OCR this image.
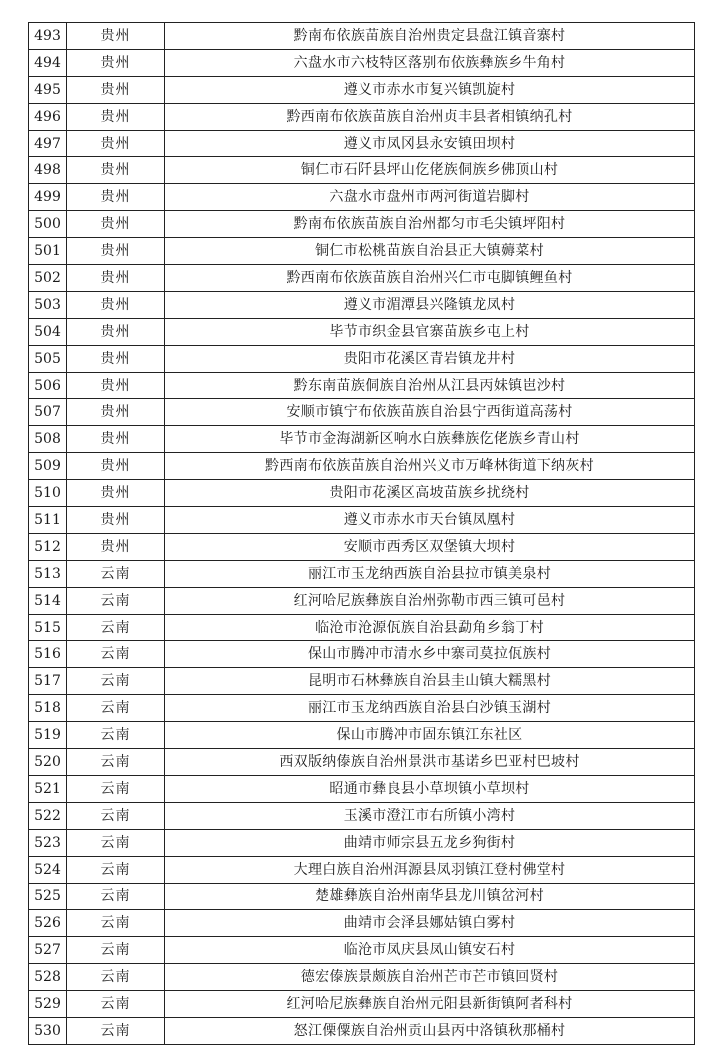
493	贵州	黔南布依族苗族自治州贵定县盘江镇音寨村
494	贵州	六盘水市六枝特区落别布依族彝族乡牛角村
495	贵州	遵义市赤水市复兴镇凯旋村
496	贵州	黔西南布依族苗族自治州贞丰县者相镇纳孔村
497	贵州	遵义市凤冈县永安镇田坝村
498	贵州	铜仁市石阡县坪山仡佬族侗族乡佛顶山村
499	贵州	六盘水市盘州市两河街道岩脚村
500	贵州	黔南布依族苗族自治州都匀市毛尖镇坪阳村
501	贵州	铜仁市松桃苗族自治县正大镇薅菜村
502	贵州	黔西南布依族苗族自治州兴仁市屯脚镇鲤鱼村
503	贵州	遵义市湄潭县兴隆镇龙凤村
504	贵州	毕节市织金县官寨苗族乡屯上村
505	贵州	贵阳市花溪区青岩镇龙井村
506	贵州	黔东南苗族侗族自治州从江县丙妹镇岜沙村
507	贵州	安顺市镇宁布依族苗族自治县宁西街道高荡村
508	贵州	毕节市金海湖新区响水白族彝族仡佬族乡青山村
509	贵州	黔西南布依族苗族自治州兴义市万峰林街道下纳灰村
510	贵州	贵阳市花溪区高坡苗族乡扰绕村
511	贵州	遵义市赤水市天台镇凤凰村
512	贵州	安顺市西秀区双堡镇大坝村
513	云南	丽江市玉龙纳西族自治县拉市镇美泉村
514	云南	红河哈尼族彝族自治州弥勒市西三镇可邑村
515	云南	临沧市沧源佤族自治县勐角乡翁丁村
516	云南	保山市腾冲市清水乡中寨司莫拉佤族村
517	云南	昆明市石林彝族自治县圭山镇大糯黑村
518	云南	丽江市玉龙纳西族自治县白沙镇玉湖村
519	云南	保山市腾冲市固东镇江东社区
520	云南	西双版纳傣族自治州景洪市基诺乡巴亚村巴坡村
521	云南	昭通市彝良县小草坝镇小草坝村
522	云南	玉溪市澄江市右所镇小湾村
523	云南	曲靖市师宗县五龙乡狗街村
524	云南	大理白族自治州洱源县凤羽镇江登村佛堂村
525	云南	楚雄彝族自治州南华县龙川镇岔河村
526	云南	曲靖市会泽县娜姑镇白雾村
527	云南	临沧市凤庆县凤山镇安石村
528	云南	德宏傣族景颇族自治州芒市芒市镇回贤村
529	云南	红河哈尼族彝族自治州元阳县新街镇阿者科村
530	云南	怒江傈僳族自治州贡山县丙中洛镇秋那桶村
